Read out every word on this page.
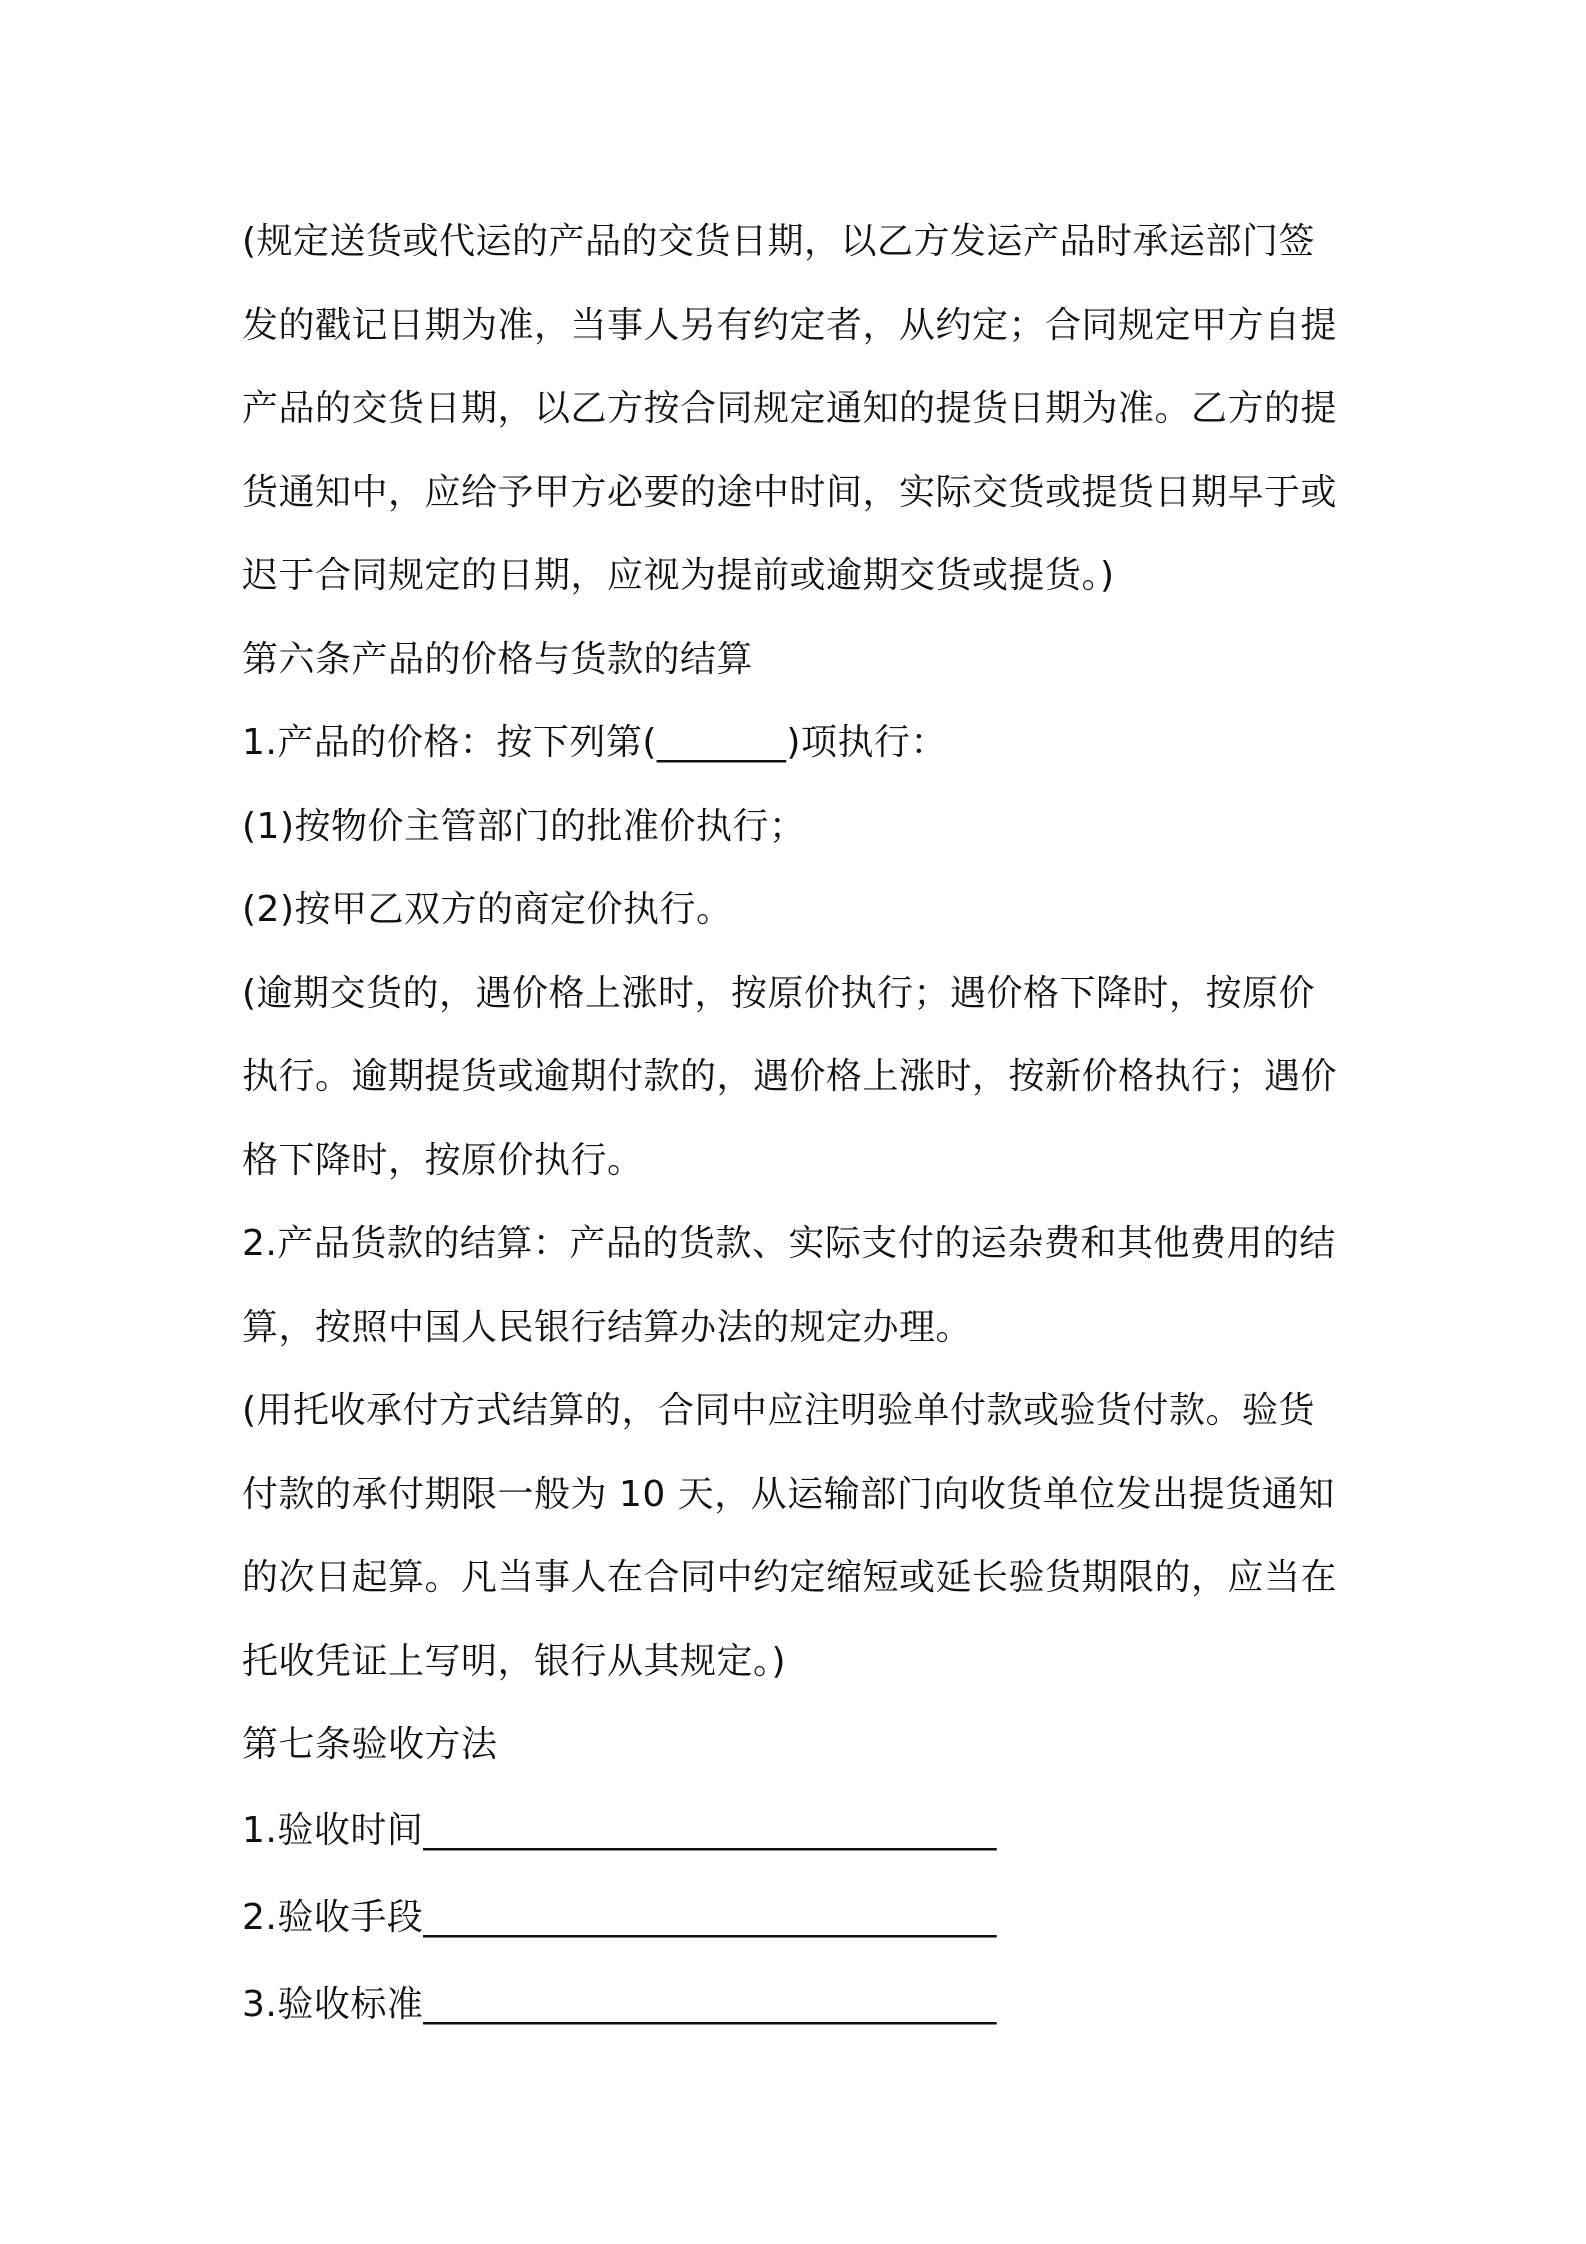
(规定送货或代运的产品的交货日期，以乙方发运产品时承运部门签
发的戳记日期为准，当事人另有约定者，从约定；合同规定甲方自提
产品的交货日期，以乙方按合同规定通知的提货日期为准。乙方的提
货通知中，应给予甲方必要的途中时间，实际交货或提货日期早于或
迟于合同规定的日期，应视为提前或逾期交货或提货。)
第六条产品的价格与货款的结算
1.产品的价格：按下列第(_______)项执行：
(1)按物价主管部门的批准价执行；
(2)按甲乙双方的商定价执行。
(逾期交货的，遇价格上涨时，按原价执行；遇价格下降时，按原价
执行。逾期提货或逾期付款的，遇价格上涨时，按新价格执行；遇价
格下降时，按原价执行。
2.产品货款的结算：产品的货款、实际支付的运杂费和其他费用的结
算，按照中国人民银行结算办法的规定办理。
(用托收承付方式结算的，合同中应注明验单付款或验货付款。验货
付款的承付期限一般为 10 天，从运输部门向收货单位发出提货通知
的次日起算。凡当事人在合同中约定缩短或延长验货期限的，应当在
托收凭证上写明，银行从其规定。)
第七条验收方法
1.验收时间_______________________________
2.验收手段_______________________________
3.验收标准_______________________________
